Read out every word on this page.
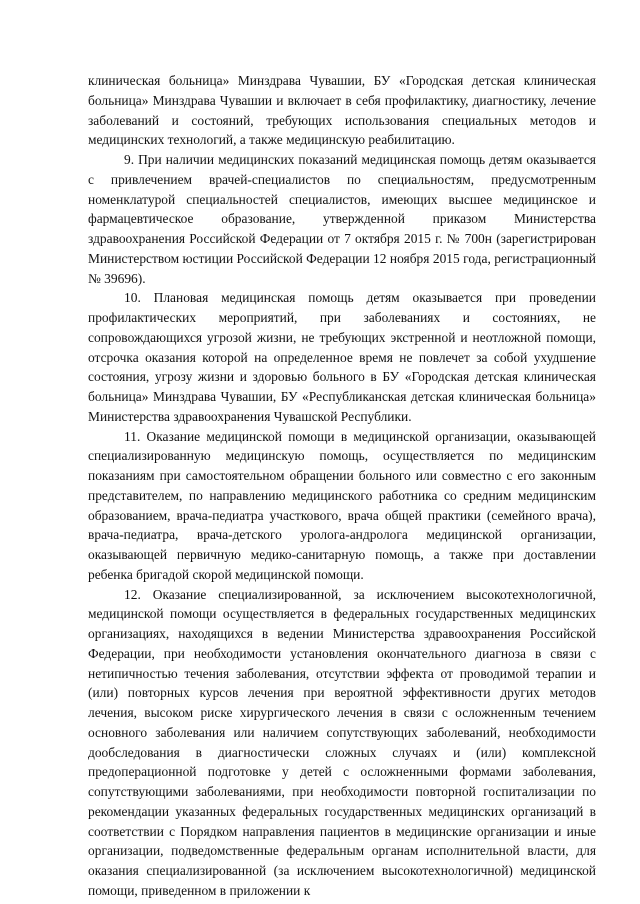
клиническая больница» Минздрава Чувашии, БУ «Городская детская клиническая больница» Минздрава Чувашии и включает в себя профилактику, диагностику, лечение заболеваний и состояний, требующих использования специальных методов и медицинских технологий, а также медицинскую реабилитацию.

9. При наличии медицинских показаний медицинская помощь детям оказывается с привлечением врачей-специалистов по специальностям, предусмотренным номенклатурой специальностей специалистов, имеющих высшее медицинское и фармацевтическое образование, утвержденной приказом Министерства здравоохранения Российской Федерации от 7 октября 2015 г. № 700н (зарегистрирован Министерством юстиции Российской Федерации 12 ноября 2015 года, регистрационный № 39696).

10. Плановая медицинская помощь детям оказывается при проведении профилактических мероприятий, при заболеваниях и состояниях, не сопровождающихся угрозой жизни, не требующих экстренной и неотложной помощи, отсрочка оказания которой на определенное время не повлечет за собой ухудшение состояния, угрозу жизни и здоровью больного в БУ «Городская детская клиническая больница» Минздрава Чувашии, БУ «Республиканская детская клиническая больница» Министерства здравоохранения Чувашской Республики.

11. Оказание медицинской помощи в медицинской организации, оказывающей специализированную медицинскую помощь, осуществляется по медицинским показаниям при самостоятельном обращении больного или совместно с его законным представителем, по направлению медицинского работника со средним медицинским образованием, врача-педиатра участкового, врача общей практики (семейного врача), врача-педиатра, врача-детского уролога-андролога медицинской организации, оказывающей первичную медико-санитарную помощь, а также при доставлении ребенка бригадой скорой медицинской помощи.

12. Оказание специализированной, за исключением высокотехнологичной, медицинской помощи осуществляется в федеральных государственных медицинских организациях, находящихся в ведении Министерства здравоохранения Российской Федерации, при необходимости установления окончательного диагноза в связи с нетипичностью течения заболевания, отсутствии эффекта от проводимой терапии и (или) повторных курсов лечения при вероятной эффективности других методов лечения, высоком риске хирургического лечения в связи с осложненным течением основного заболевания или наличием сопутствующих заболеваний, необходимости дообследования в диагностически сложных случаях и (или) комплексной предоперационной подготовке у детей с осложненными формами заболевания, сопутствующими заболеваниями, при необходимости повторной госпитализации по рекомендации указанных федеральных государственных медицинских организаций в соответствии с Порядком направления пациентов в медицинские организации и иные организации, подведомственные федеральным органам исполнительной власти, для оказания специализированной (за исключением высокотехнологичной) медицинской помощи, приведенном в приложении к
